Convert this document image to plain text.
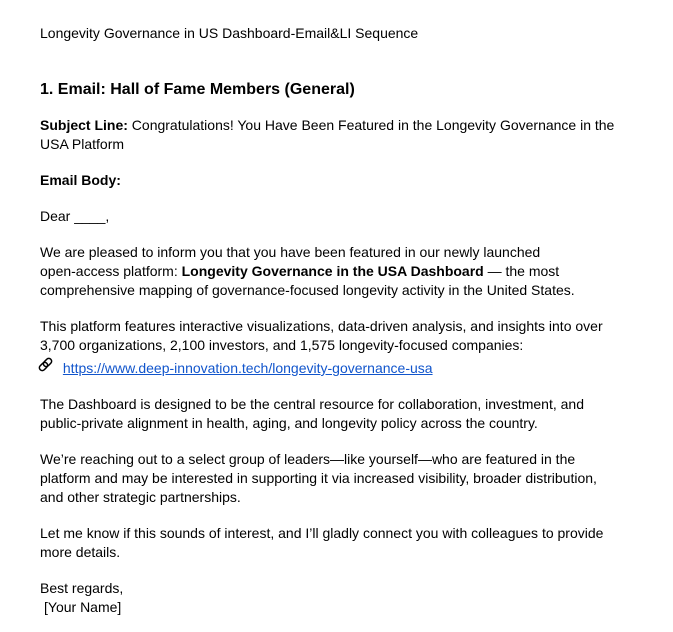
Longevity Governance in US Dashboard-Email&LI Sequence
1. Email: Hall of Fame Members (General)

Subject Line: Congratulations! You Have Been Featured in the Longevity Governance in the
USA Platform

Email Body:

Dear ____,

We are pleased to inform you that you have been featured in our newly launched
open-access platform: Longevity Governance in the USA Dashboard — the most
comprehensive mapping of governance-focused longevity activity in the United States.

This platform features interactive visualizations, data-driven analysis, and insights into over
3,700 organizations, 2,100 investors, and 1,575 longevity-focused companies:
https://www.deep-innovation.tech/longevity-governance-usa

The Dashboard is designed to be the central resource for collaboration, investment, and
public-private alignment in health, aging, and longevity policy across the country.

We’re reaching out to a select group of leaders—like yourself—who are featured in the
platform and may be interested in supporting it via increased visibility, broader distribution,
and other strategic partnerships.

Let me know if this sounds of interest, and I’ll gladly connect you with colleagues to provide
more details.

Best regards,
[Your Name]
